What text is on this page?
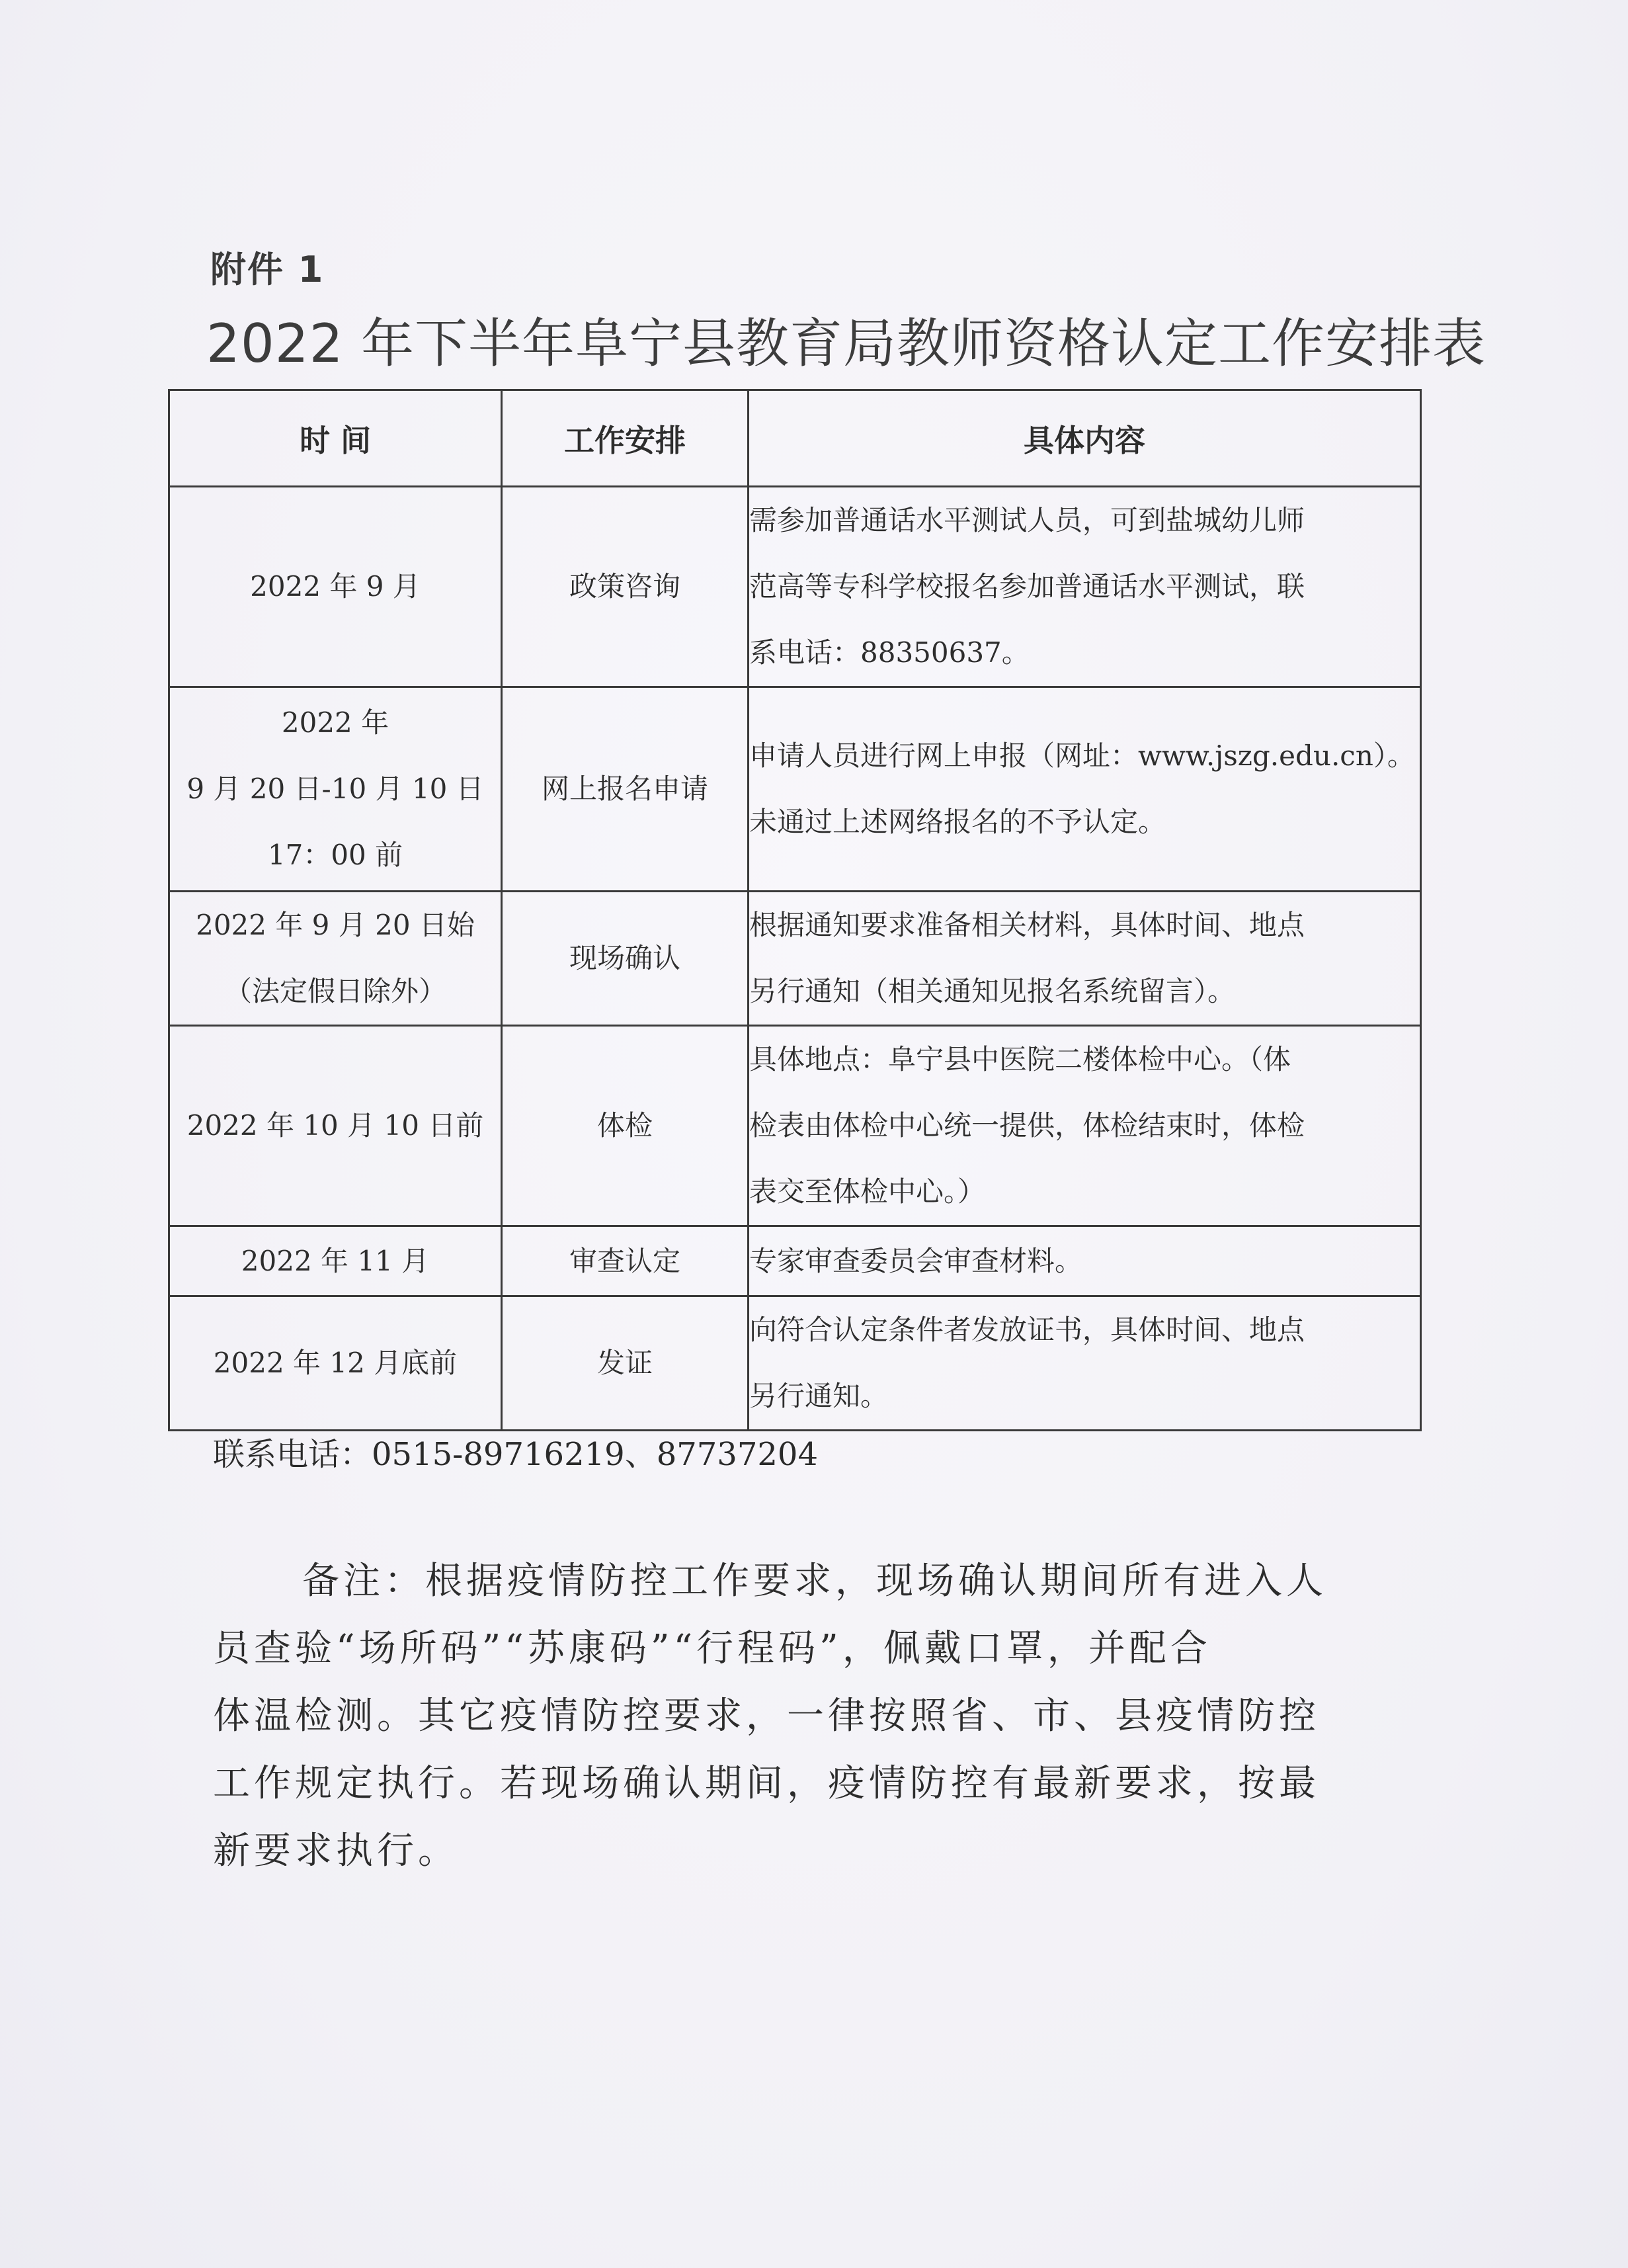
附件 1
2022 年下半年阜宁县教育局教师资格认定工作安排表
时 间	工作安排	具体内容

2022 年 9 月	政策咨询	需参加普通话水平测试人员，可到盐城幼儿师
范高等专科学校报名参加普通话水平测试，联
系电话：88350637。

2022 年
9 月 20 日-10 月 10 日
17：00 前	网上报名申请	申请人员进行网上申报（网址：www.jszg.edu.cn）。
未通过上述网络报名的不予认定。

2022 年 9 月 20 日始
（法定假日除外）	现场确认	根据通知要求准备相关材料，具体时间、地点
另行通知（相关通知见报名系统留言）。

2022 年 10 月 10 日前	体检	具体地点：阜宁县中医院二楼体检中心。（体
检表由体检中心统一提供，体检结束时，体检
表交至体检中心。）

2022 年 11 月	审查认定	专家审查委员会审查材料。

2022 年 12 月底前	发证	向符合认定条件者发放证书，具体时间、地点
另行通知。
联系电话：0515-89716219、87737204
备注：根据疫情防控工作要求，现场确认期间所有进入人
员查验“场所码”“苏康码”“行程码”，佩戴口罩，并配合
体温检测。其它疫情防控要求，一律按照省、市、县疫情防控
工作规定执行。若现场确认期间，疫情防控有最新要求，按最
新要求执行。
